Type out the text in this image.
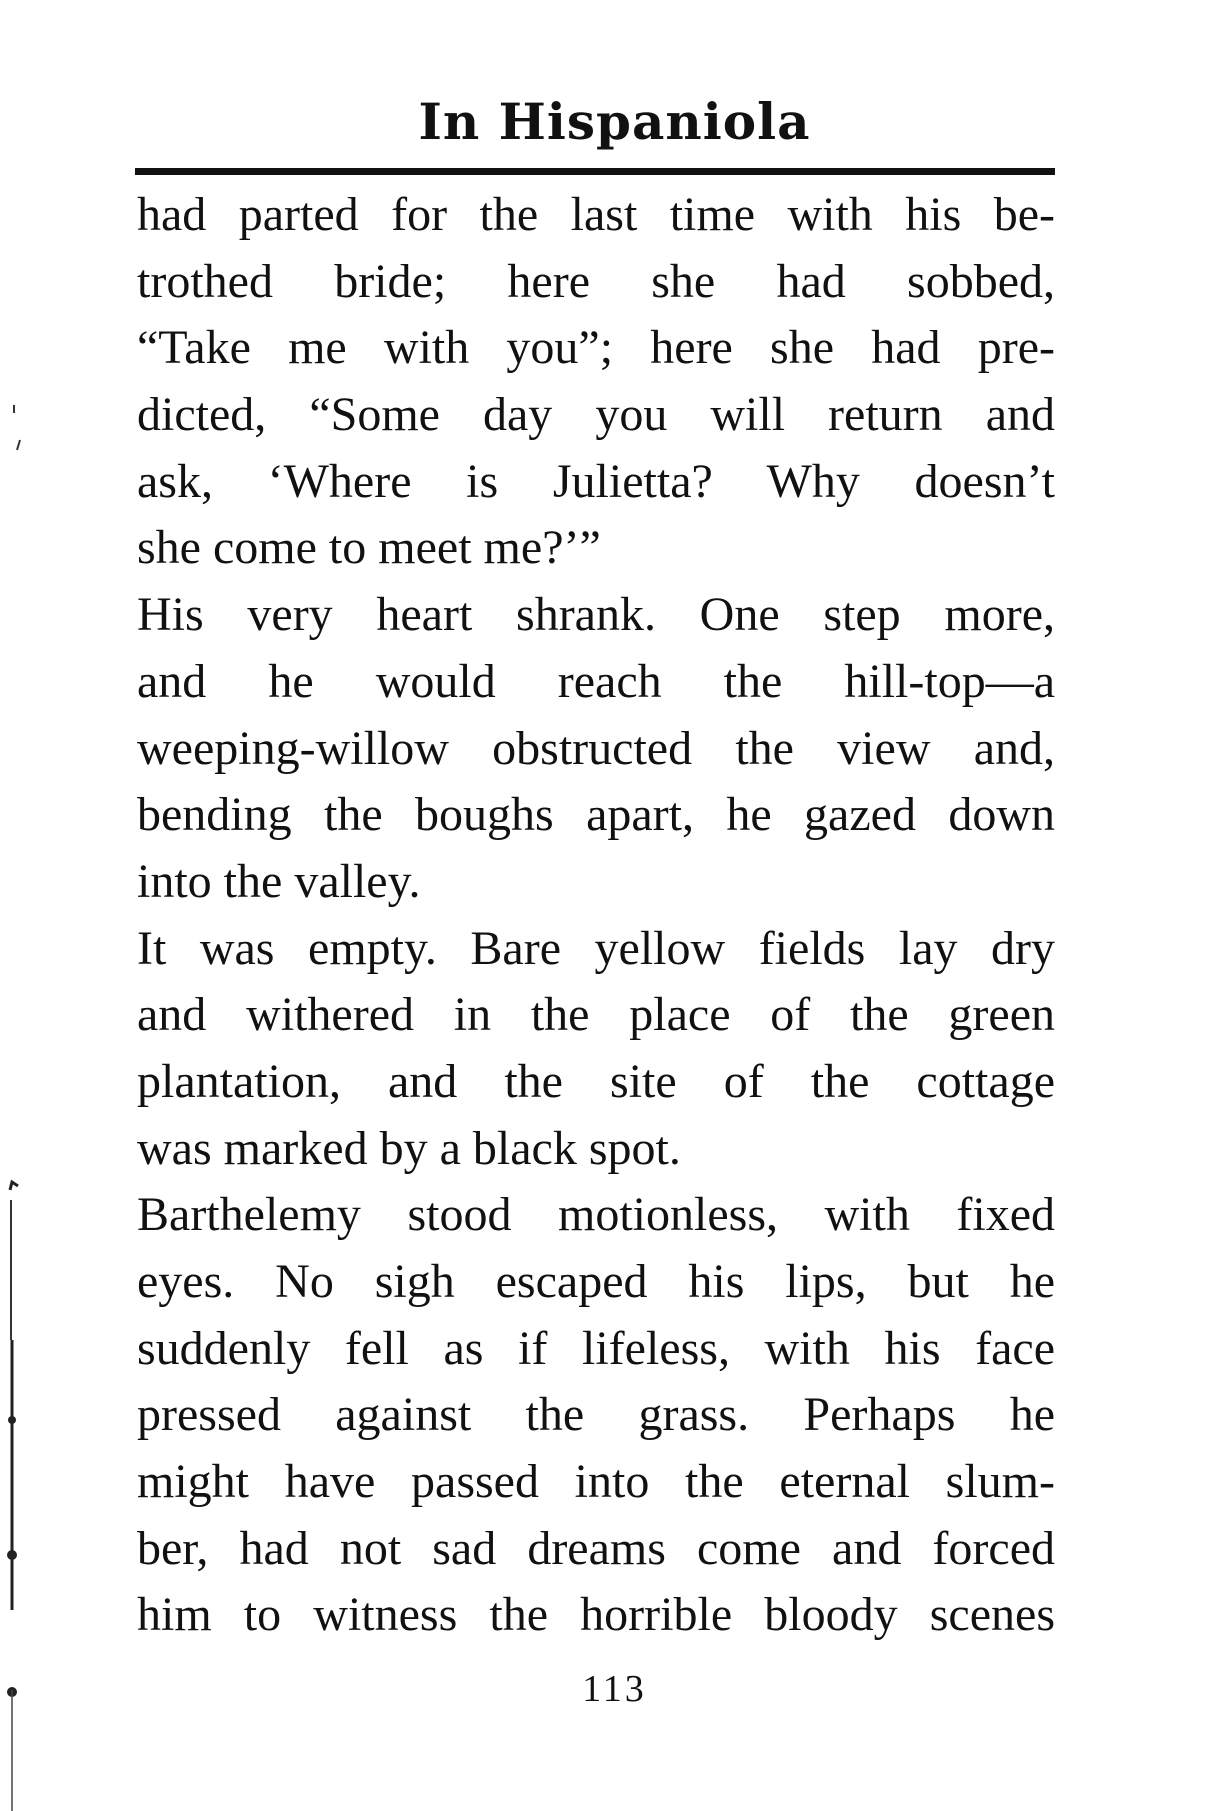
In Hispaniola
had parted for the last time with his be-
trothed bride; here she had sobbed,
“Take me with you”; here she had pre-
dicted, “Some day you will return and
ask, ‘Where is Julietta? Why doesn’t
she come to meet me?’”
His very heart shrank. One step more,
and he would reach the hill-top—a
weeping-willow obstructed the view and,
bending the boughs apart, he gazed down
into the valley.
It was empty. Bare yellow fields lay dry
and withered in the place of the green
plantation, and the site of the cottage
was marked by a black spot.
Barthelemy stood motionless, with fixed
eyes. No sigh escaped his lips, but he
suddenly fell as if lifeless, with his face
pressed against the grass. Perhaps he
might have passed into the eternal slum-
ber, had not sad dreams come and forced
him to witness the horrible bloody scenes
113
